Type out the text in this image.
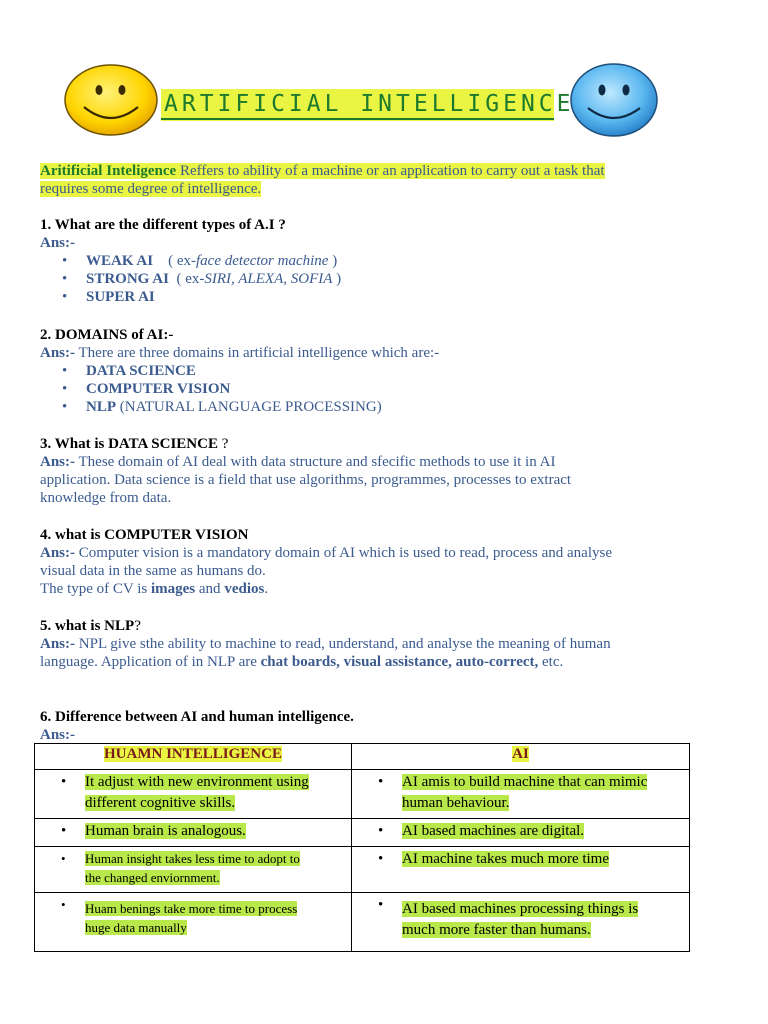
ARTIFICIAL INTELLIGENCE
Aritificial Inteligence Reffers to ability of a machine or an application to carry out a task that
requires some degree of intelligence.
1. What are the different types of A.I ?
Ans:-
• WEAK AI ( ex-face detector machine )
• STRONG AI ( ex-SIRI, ALEXA, SOFIA )
• SUPER AI
2. DOMAINS of AI:-
Ans:- There are three domains in artificial intelligence which are:-
• DATA SCIENCE
• COMPUTER VISION
• NLP (NATURAL LANGUAGE PROCESSING)
3. What is DATA SCIENCE ?
Ans:- These domain of AI deal with data structure and sfecific methods to use it in AI
application. Data science is a field that use algorithms, programmes, processes to extract
knowledge from data.
4. what is COMPUTER VISION
Ans:- Computer vision is a mandatory domain of AI which is used to read, process and analyse
visual data in the same as humans do.
The type of CV is images and vedios.
5. what is NLP?
Ans:- NPL give sthe ability to machine to read, understand, and analyse the meaning of human
language. Application of in NLP are chat boards, visual assistance, auto-correct, etc.
6. Difference between AI and human intelligence.
Ans:-
HUAMN INTELLIGENCE	AI

• It adjust with new environment using
different cognitive skills.	• AI amis to build machine that can mimic
human behaviour.

• Human brain is analogous.	• AI based machines are digital.

• Human insight takes less time to adopt to
the changed enviornment.	• AI machine takes much more time

• Huam benings take more time to process
huge data manually	• AI based machines processing things is
much more faster than humans.
